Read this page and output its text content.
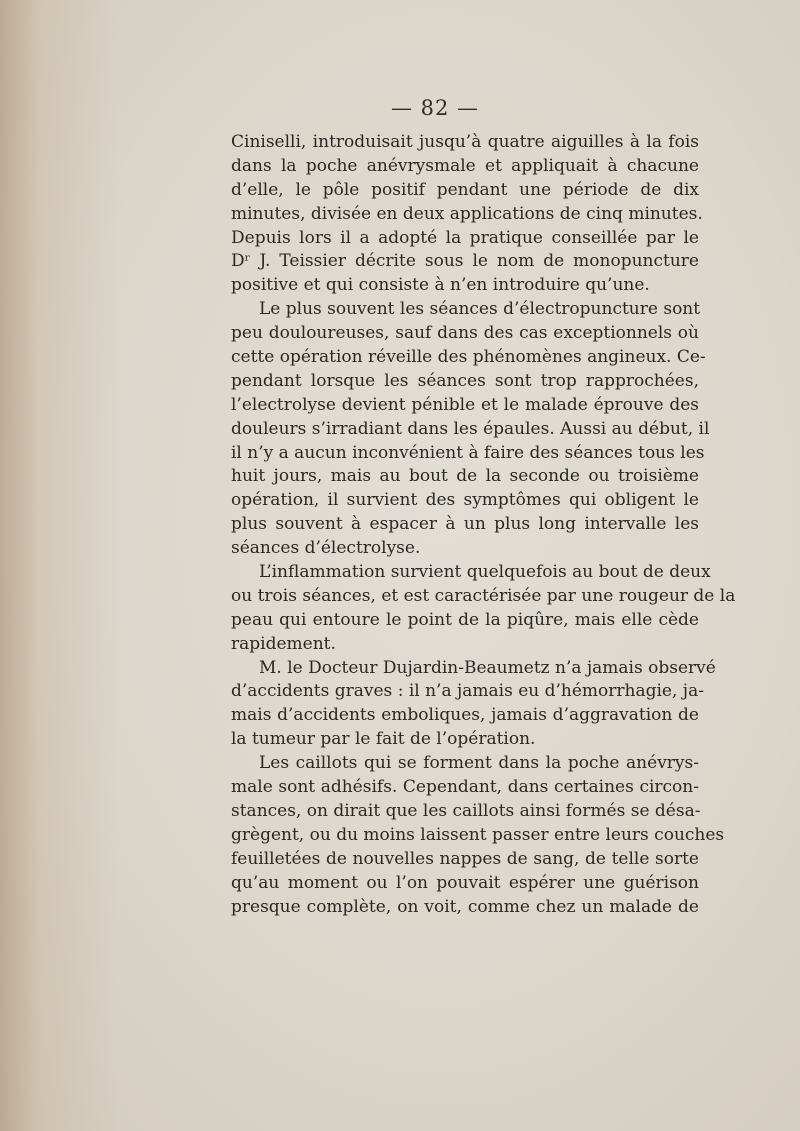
— 82 —
Ciniselli, introduisait jusqu’à quatre aiguilles à la fois
dans la poche anévrysmale et appliquait à chacune
d’elle, le pôle positif pendant une période de dix
minutes, divisée en deux applications de cinq minutes.
Depuis lors il a adopté la pratique conseillée par le
Dʳ J. Teissier décrite sous le nom de monopuncture
positive et qui consiste à n’en introduire qu’une.
Le plus souvent les séances d’électropuncture sont
peu douloureuses, sauf dans des cas exceptionnels où
cette opération réveille des phénomènes angineux. Ce-
pendant lorsque les séances sont trop rapprochées,
l’electrolyse devient pénible et le malade éprouve des
douleurs s’irradiant dans les épaules. Aussi au début, il
il n’y a aucun inconvénient à faire des séances tous les
huit jours, mais au bout de la seconde ou troisième
opération, il survient des symptômes qui obligent le
plus souvent à espacer à un plus long intervalle les
séances d’électrolyse.
L’inflammation survient quelquefois au bout de deux
ou trois séances, et est caractérisée par une rougeur de la
peau qui entoure le point de la piqûre, mais elle cède
rapidement.
M. le Docteur Dujardin-Beaumetz n’a jamais observé
d’accidents graves : il n’a jamais eu d’hémorrhagie, ja-
mais d’accidents emboliques, jamais d’aggravation de
la tumeur par le fait de l’opération.
Les caillots qui se forment dans la poche anévrys-
male sont adhésifs. Cependant, dans certaines circon-
stances, on dirait que les caillots ainsi formés se désa-
grègent, ou du moins laissent passer entre leurs couches
feuilletées de nouvelles nappes de sang, de telle sorte
qu’au moment ou l’on pouvait espérer une guérison
presque complète, on voit, comme chez un malade de
